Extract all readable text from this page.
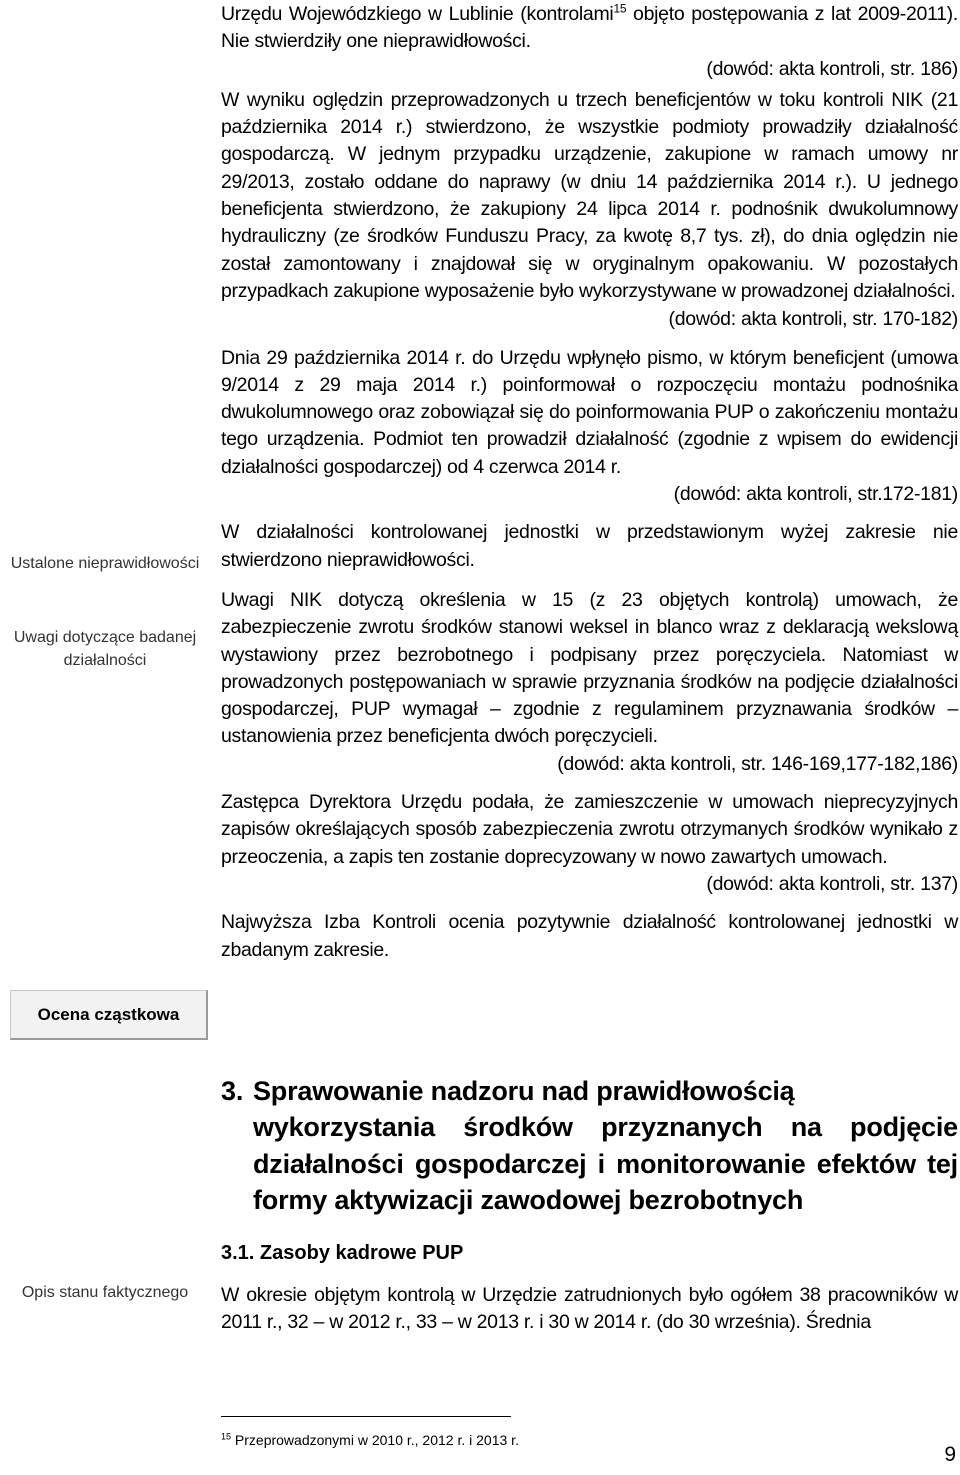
Ustalone nieprawidłowości
Uwagi dotyczące badanej działalności
Ocena cząstkowa
Opis stanu faktycznego

Urzędu Wojewódzkiego w Lublinie (kontrolami$^{15}$ objęto postępowania z lat 2009-2011). Nie stwierdziły one nieprawidłowości.

(dowód: akta kontroli, str. 186)

W wyniku oględzin przeprowadzonych u trzech beneficjentów w toku kontroli NIK (21 października 2014 r.) stwierdzono, że wszystkie podmioty prowadziły działalność gospodarczą. W jednym przypadku urządzenie, zakupione w ramach umowy nr 29/2013, zostało oddane do naprawy (w dniu 14 października 2014 r.). U jednego beneficjenta stwierdzono, że zakupiony 24 lipca 2014 r. podnośnik dwukolumnowy hydrauliczny (ze środków Funduszu Pracy, za kwotę 8,7 tys. zł), do dnia oględzin nie został zamontowany i znajdował się w oryginalnym opakowaniu. W pozostałych przypadkach zakupione wyposażenie było wykorzystywane w prowadzonej działalności.

(dowód: akta kontroli, str. 170-182)

Dnia 29 października 2014 r. do Urzędu wpłynęło pismo, w którym beneficjent (umowa 9/2014 z 29 maja 2014 r.) poinformował o rozpoczęciu montażu podnośnika dwukolumnowego oraz zobowiązał się do poinformowania PUP o zakończeniu montażu tego urządzenia. Podmiot ten prowadził działalność (zgodnie z wpisem do ewidencji działalności gospodarczej) od 4 czerwca 2014 r.

(dowód: akta kontroli, str.172-181)

W działalności kontrolowanej jednostki w przedstawionym wyżej zakresie nie stwierdzono nieprawidłowości.

Uwagi NIK dotyczą określenia w 15 (z 23 objętych kontrolą) umowach, że zabezpieczenie zwrotu środków stanowi weksel in blanco wraz z deklaracją wekslową wystawiony przez bezrobotnego i podpisany przez poręczyciela. Natomiast w prowadzonych postępowaniach w sprawie przyznania środków na podjęcie działalności gospodarczej, PUP wymagał – zgodnie z regulaminem przyznawania środków – ustanowienia przez beneficjenta dwóch poręczycieli.

(dowód: akta kontroli, str. 146-169,177-182,186)

Zastępca Dyrektora Urzędu podała, że zamieszczenie w umowach nieprecyzyjnych zapisów określających sposób zabezpieczenia zwrotu otrzymanych środków wynikało z przeoczenia, a zapis ten zostanie doprecyzowany w nowo zawartych umowach.

(dowód: akta kontroli, str. 137)

Najwyższa Izba Kontroli ocenia pozytywnie działalność kontrolowanej jednostki w zbadanym zakresie.

3. Sprawowanie nadzoru nad prawidłowością
wykorzystania środków przyznanych na podjęcie działalności gospodarczej i monitorowanie efektów tej formy aktywizacji zawodowej bezrobotnych
3.1. Zasoby kadrowe PUP

W okresie objętym kontrolą w Urzędzie zatrudnionych było ogółem 38 pracowników w 2011 r., 32 – w 2012 r., 33 – w 2013 r. i 30 w 2014 r. (do 30 września). Średnia

$^{15}$ Przeprowadzonymi w 2010 r., 2012 r. i 2013 r.
9
